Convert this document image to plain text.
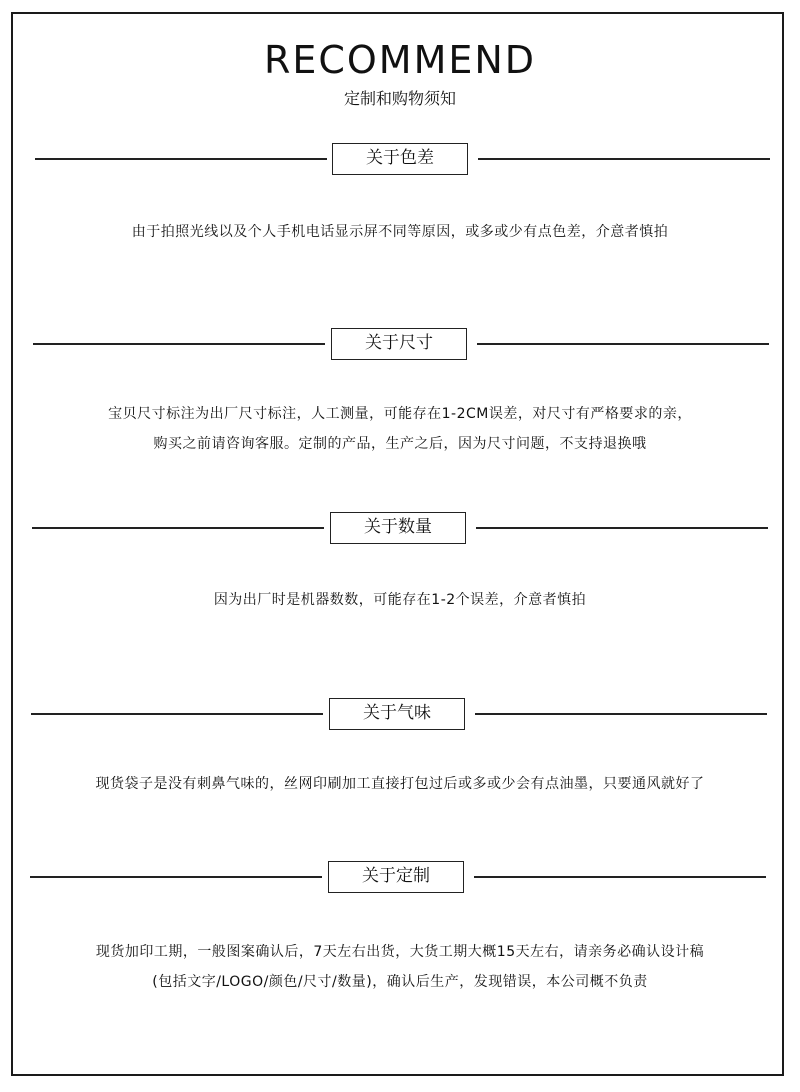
RECOMMEND
定制和购物须知
关于色差
由于拍照光线以及个人手机电话显示屏不同等原因，或多或少有点色差，介意者慎拍
关于尺寸
宝贝尺寸标注为出厂尺寸标注，人工测量，可能存在1-2CM误差，对尺寸有严格要求的亲，
购买之前请咨询客服。定制的产品，生产之后，因为尺寸问题，不支持退换哦
关于数量
因为出厂时是机器数数，可能存在1-2个误差，介意者慎拍
关于气味
现货袋子是没有刺鼻气味的，丝网印刷加工直接打包过后或多或少会有点油墨，只要通风就好了
关于定制
现货加印工期，一般图案确认后，7天左右出货，大货工期大概15天左右，请亲务必确认设计稿
(包括文字/LOGO/颜色/尺寸/数量)，确认后生产，发现错误，本公司概不负责
